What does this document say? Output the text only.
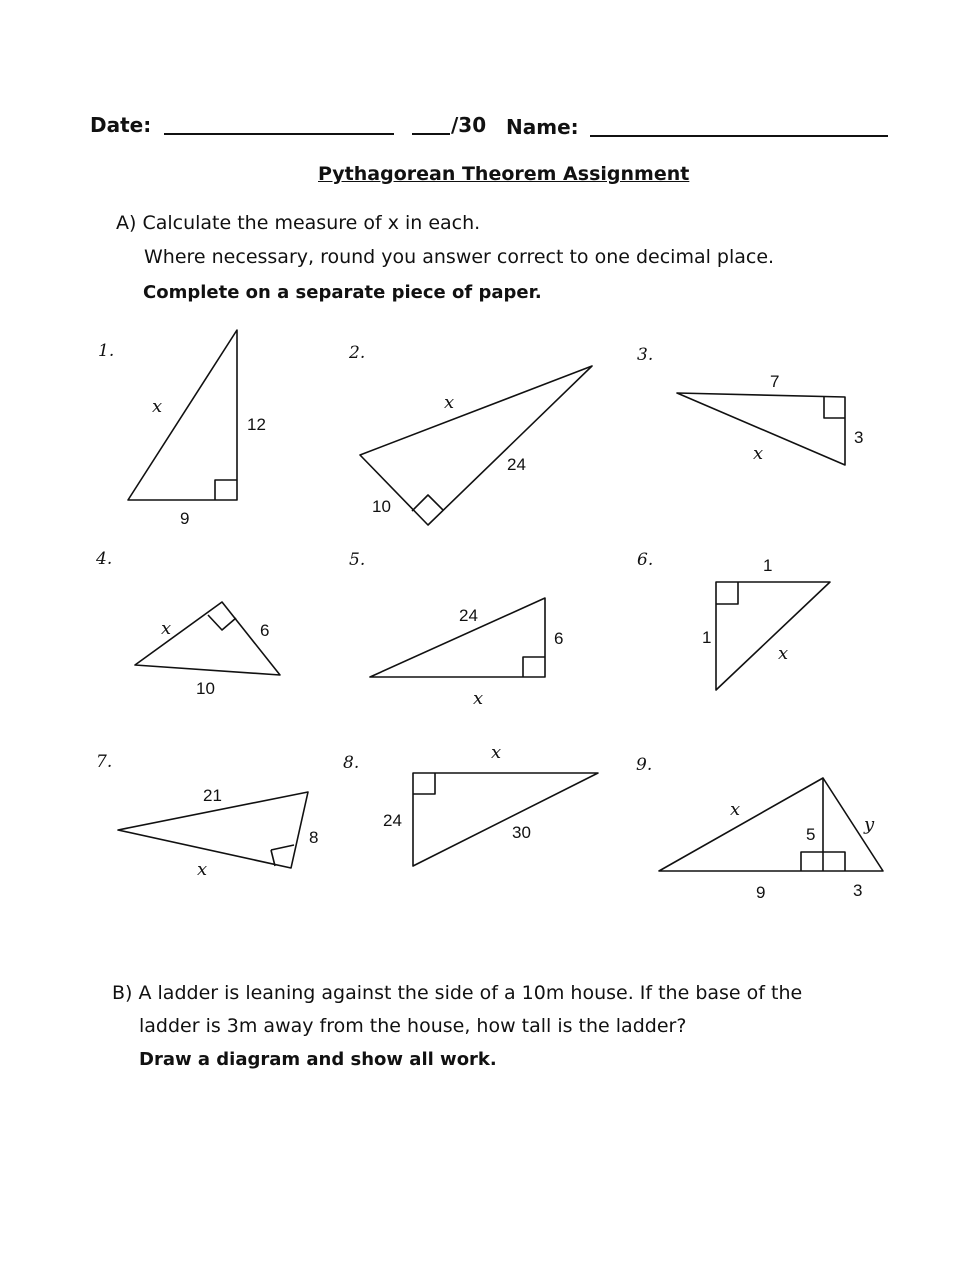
Date:	/30 Name:
Pythagorean Theorem Assignment
A) Calculate the measure of x in each.
Where necessary, round you answer correct to one decimal place.
Complete on a separate piece of paper.
1.	2.	3.
4.	5.	6.
7.	8.	9.
x
12
9
x
24
10
7
3
x
x	6
10
24
6
x
1
1
x
21
8
x
x
24
30
x
5	y
9	3
B) A ladder is leaning against the side of a 10m house. If the base of the
ladder is 3m away from the house, how tall is the ladder?
Draw a diagram and show all work.
